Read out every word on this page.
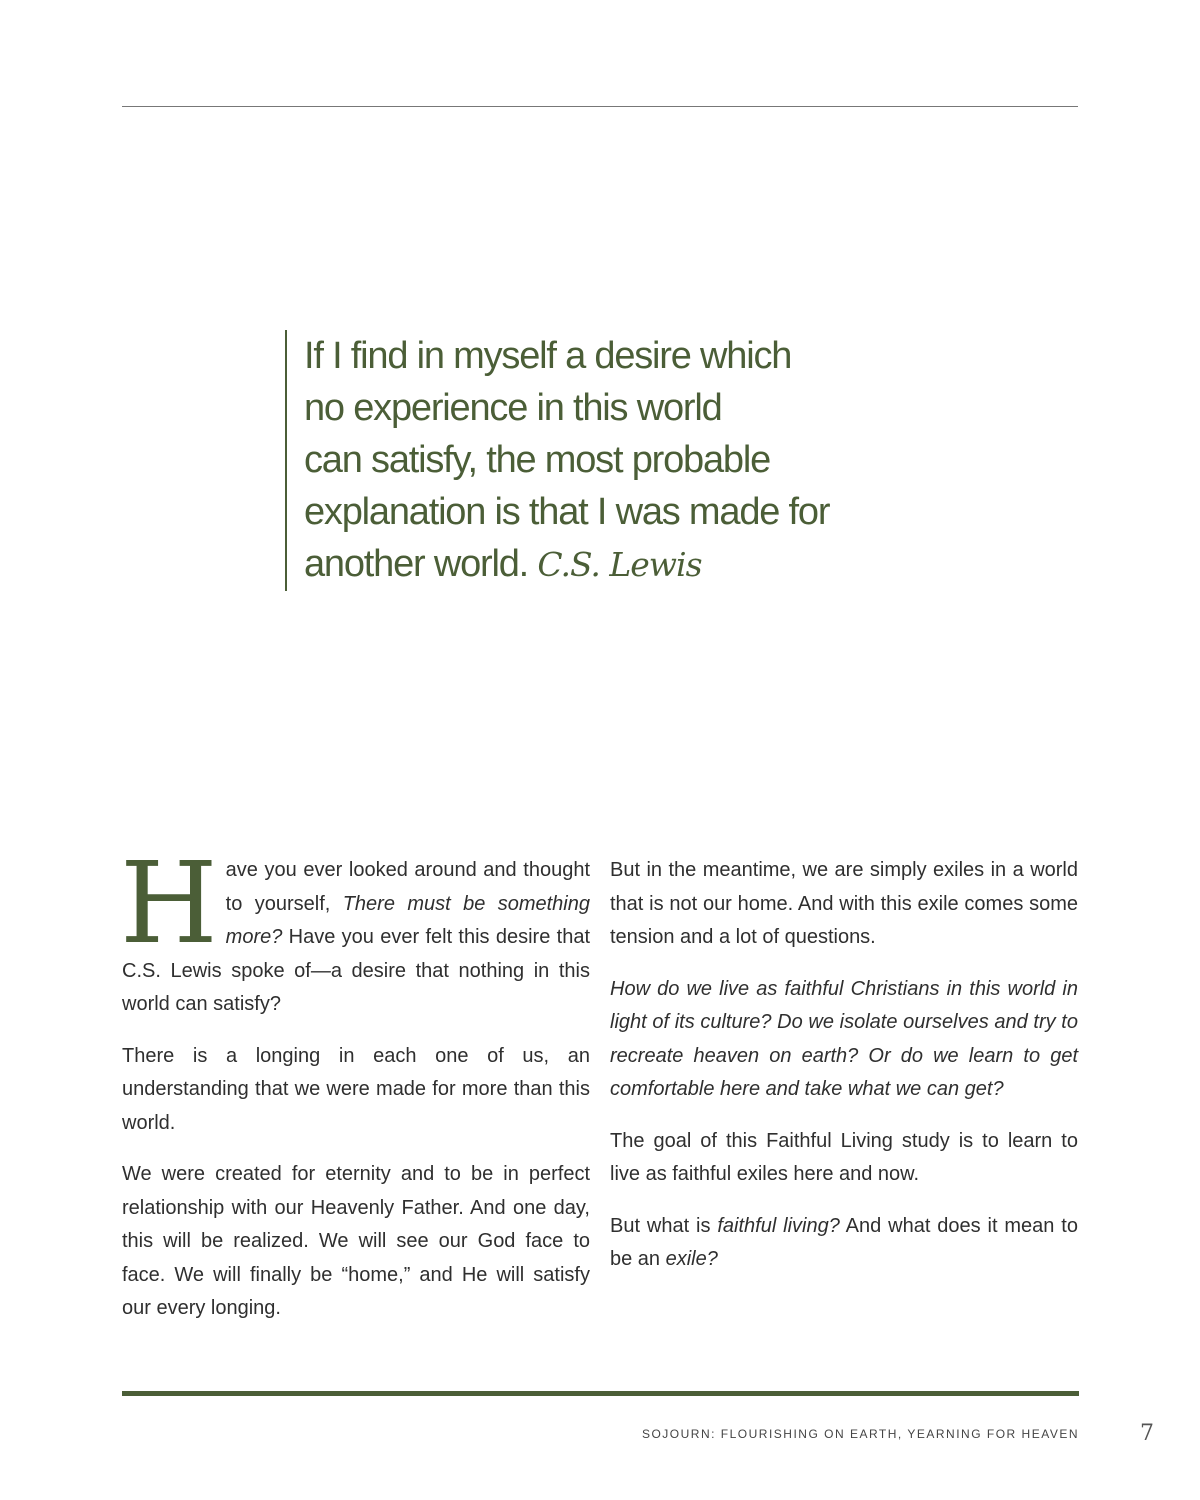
If I find in myself a desire which
no experience in this world
can satisfy, the most probable
explanation is that I was made for
another world. C.S. Lewis

Have you ever looked around and thought to yourself, There must be something more? Have you ever felt this desire that C.S. Lewis spoke of—a desire that nothing in this world can satisfy?

There is a longing in each one of us, an understanding that we were made for more than this world.

We were created for eternity and to be in perfect relationship with our Heavenly Father. And one day, this will be realized. We will see our God face to face. We will finally be “home,” and He will satisfy our every longing.

But in the meantime, we are simply exiles in a world that is not our home. And with this exile comes some tension and a lot of questions.

How do we live as faithful Christians in this world in light of its culture? Do we isolate ourselves and try to recreate heaven on earth? Or do we learn to get comfortable here and take what we can get?

The goal of this Faithful Living study is to learn to live as faithful exiles here and now.

But what is faithful living? And what does it mean to be an exile?

SOJOURN: FLOURISHING ON EARTH, YEARNING FOR HEAVEN	7
